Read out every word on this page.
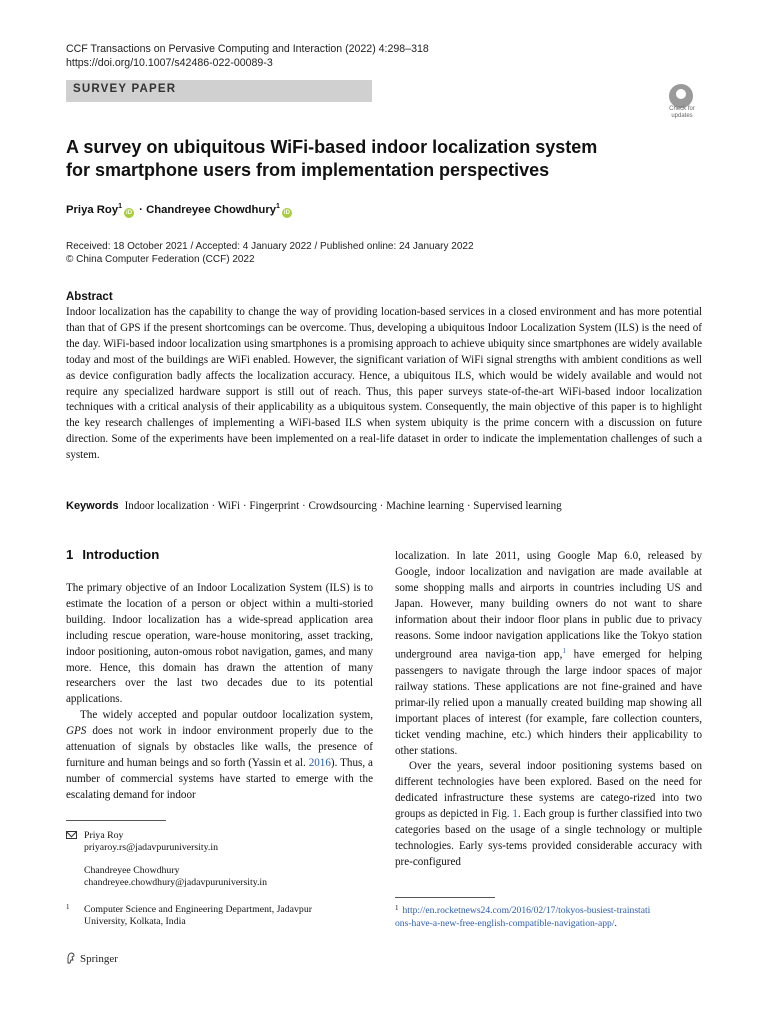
CCF Transactions on Pervasive Computing and Interaction (2022) 4:298–318
https://doi.org/10.1007/s42486-022-00089-3
SURVEY PAPER
Check for
updates
A survey on ubiquitous WiFi-based indoor localization system
for smartphone users from implementation perspectives
Priya Roy$^1$iD · Chandreyee Chowdhury$^1$iD
Received: 18 October 2021 / Accepted: 4 January 2022 / Published online: 24 January 2022
© China Computer Federation (CCF) 2022
Abstract
Indoor localization has the capability to change the way of providing location-based services in a closed environment and has more potential than that of GPS if the present shortcomings can be overcome. Thus, developing a ubiquitous Indoor Localization System (ILS) is the need of the day. WiFi-based indoor localization using smartphones is a promising approach to achieve ubiquity since smartphones are widely available today and most of the buildings are WiFi enabled. However, the significant variation of WiFi signal strengths with ambient conditions as well as device configuration badly affects the localization accuracy. Hence, a ubiquitous ILS, which would be widely available and would not require any specialized hardware support is still out of reach. Thus, this paper surveys state-of-the-art WiFi-based indoor localization techniques with a critical analysis of their applicability as a ubiquitous system. Consequently, the main objective of this paper is to highlight the key research challenges of implementing a WiFi-based ILS when system ubiquity is the prime concern with a discussion on future direction. Some of the experiments have been implemented on a real-life dataset in order to indicate the implementation challenges of such a system.
Keywords Indoor localization · WiFi · Fingerprint · Crowdsourcing · Machine learning · Supervised learning
1 Introduction

The primary objective of an Indoor Localization System (ILS) is to estimate the location of a person or object within a multi-storied building. Indoor localization has a wide-spread application area including rescue operation, ware-house monitoring, asset tracking, indoor positioning, auton-omous robot navigation, games, and many more. Hence, this domain has drawn the attention of many researchers over the last two decades due to its potential applications.

The widely accepted and popular outdoor localization system, GPS does not work in indoor environment properly due to the attenuation of signals by obstacles like walls, the presence of furniture and human beings and so forth (Yassin et al. 2016). Thus, a number of commercial systems have started to emerge with the escalating demand for indoor

localization. In late 2011, using Google Map 6.0, released by Google, indoor localization and navigation are made available at some shopping malls and airports in countries including US and Japan. However, many building owners do not want to share information about their indoor floor plans in public due to privacy reasons. Some indoor navigation applications like the Tokyo station underground area naviga-tion app,$^1$ have emerged for helping passengers to navigate through the large indoor spaces of major railway stations. These applications are not fine-grained and have primar-ily relied upon a manually created building map showing all important places of interest (for example, fare collection counters, ticket vending machine, etc.) which hinders their applicability to other stations.

Over the years, several indoor positioning systems based on different technologies have been explored. Based on the need for dedicated infrastructure these systems are catego-rized into two groups as depicted in Fig. 1. Each group is further classified into two categories based on the usage of a single technology or multiple technologies. Early sys-tems provided considerable accuracy with pre-configured

Priya Roy
priyaroy.rs@jadavpuruniversity.in
Chandreyee Chowdhury
chandreyee.chowdhury@jadavpuruniversity.in
1 Computer Science and Engineering Department, Jadavpur
University, Kolkata, India
$^1$ http://en.rocketnews24.com/2016/02/17/tokyos-busiest-trainstati
ons-have-a-new-free-english-compatible-navigation-app/.
Springer
